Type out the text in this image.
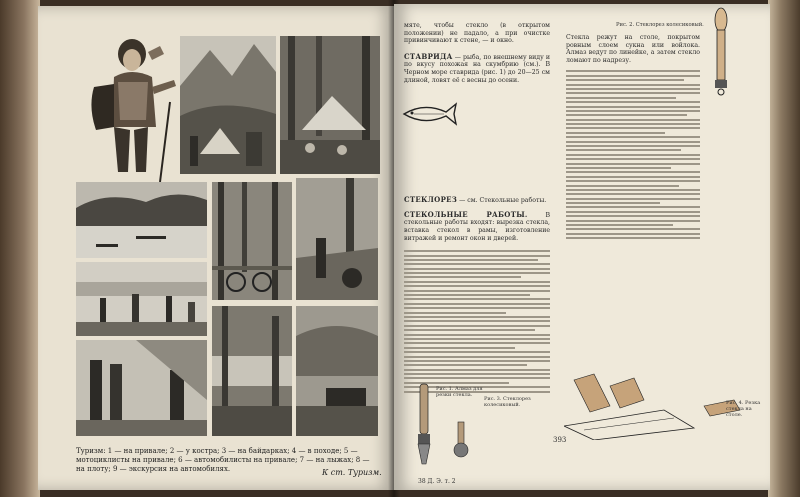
Туризм: 1 — на привале; 2 — у костра; 3 — на байдарках; 4 — в походе; 5 — мотоциклисты на привале; 6 — автомобилисты на привале; 7 — на лыжах; 8 — на плоту; 9 — экскурсия на автомобилях.	К ст. Туризм.
мяте, чтобы стекло (в открытом положении) не падало, а при очистке привинчивают к стене, — и окно.
СТАВРИДА — рыба, по внешнему виду и по вкусу похожая на скумбрию (см.). В Черном море ставрида (рис. 1) до 20—25 см длиной, ловят её с весны до осени.
СТЕКЛОРЕЗ — см. Стекольные работы.
СТЕКОЛЬНЫЕ РАБОТЫ.	В стекольные работы входят: вырезка стекла, вставка стекол в рамы, изготовление витражей и ремонт окон и дверей.
Рис. 2. Стеклорез колесиковый.
Стекла режут на столе, покрытом ровным слоем сукна или войлока. Алмаз ведут по линейке, а затем стекло ломают по надрезу.
Рис. 1. Алмаз для резки стекла.
Рис. 3. Стеклорез колесиковый.	Рис. 4. Резка стекла на столе.
393
38 Д. Э. т. 2
